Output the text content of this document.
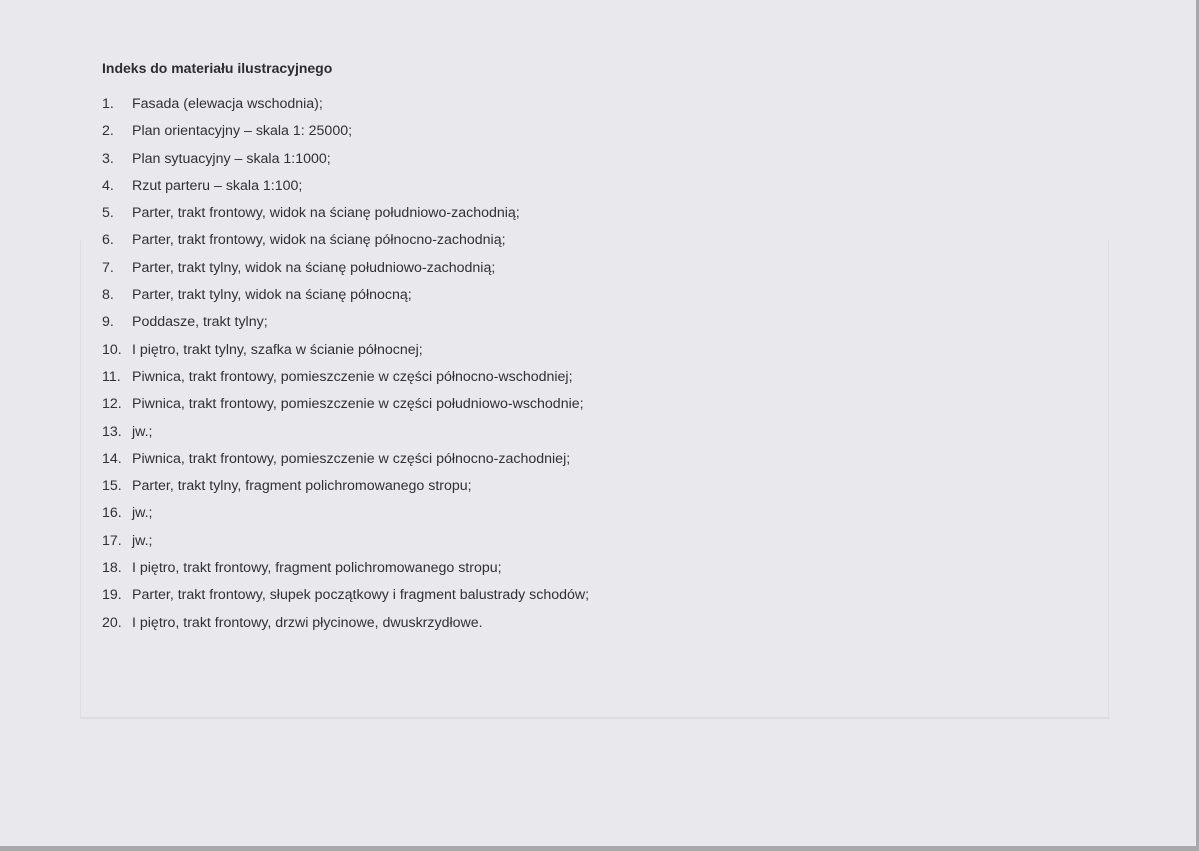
Indeks do materiału ilustracyjnego
1. Fasada (elewacja wschodnia);
2. Plan orientacyjny – skala 1: 25000;
3. Plan sytuacyjny – skala 1:1000;
4. Rzut parteru – skala 1:100;
5. Parter, trakt frontowy, widok na ścianę południowo-zachodnią;
6. Parter, trakt frontowy, widok na ścianę północno-zachodnią;
7. Parter, trakt tylny, widok na ścianę południowo-zachodnią;
8. Parter, trakt tylny, widok na ścianę północną;
9. Poddasze, trakt tylny;
10. I piętro, trakt tylny, szafka w ścianie północnej;
11. Piwnica, trakt frontowy, pomieszczenie w części północno-wschodniej;
12. Piwnica, trakt frontowy, pomieszczenie w części południowo-wschodnie;
13. jw.;
14. Piwnica, trakt frontowy, pomieszczenie w części północno-zachodniej;
15. Parter, trakt tylny, fragment polichromowanego stropu;
16. jw.;
17. jw.;
18. I piętro, trakt frontowy, fragment polichromowanego stropu;
19. Parter, trakt frontowy, słupek początkowy i fragment balustrady schodów;
20. I piętro, trakt frontowy, drzwi płycinowe, dwuskrzydłowe.
